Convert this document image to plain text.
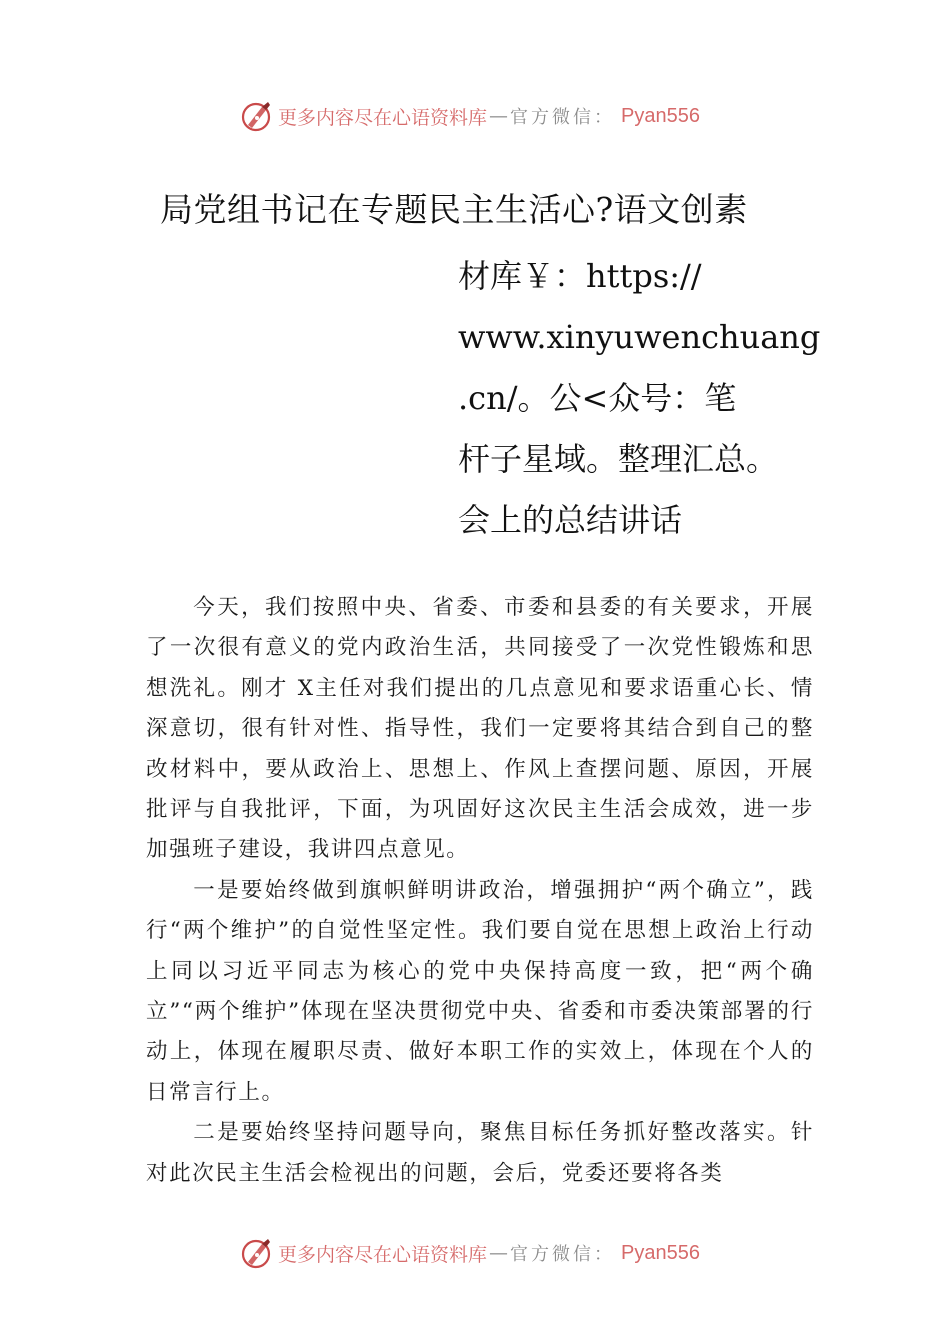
更多内容尽在心语资料库 — 官方微信： Pyan556
局党组书记在专题民主生活心?语文创素
材库￥：https://
www.xinyuwenchuang
.cn/。公<众号：笔
杆子星域。整理汇总。
会上的总结讲话

今天，我们按照中央、省委、市委和县委的有关要求，开展了一次很有意义的党内政治生活，共同接受了一次党性锻炼和思想洗礼。刚才 X主任对我们提出的几点意见和要求语重心长、情深意切，很有针对性、指导性，我们一定要将其结合到自己的整改材料中，要从政治上、思想上、作风上查摆问题、原因，开展批评与自我批评，下面，为巩固好这次民主生活会成效，进一步加强班子建设，我讲四点意见。

一是要始终做到旗帜鲜明讲政治，增强拥护“两个确立”，践行“两个维护”的自觉性坚定性。我们要自觉在思想上政治上行动上同以习近平同志为核心的党中央保持高度一致，把“两个确立”“两个维护”体现在坚决贯彻党中央、省委和市委决策部署的行动上，体现在履职尽责、做好本职工作的实效上，体现在个人的日常言行上。

二是要始终坚持问题导向，聚焦目标任务抓好整改落实。针对此次民主生活会检视出的问题，会后，党委还要将各类

更多内容尽在心语资料库 — 官方微信： Pyan556
